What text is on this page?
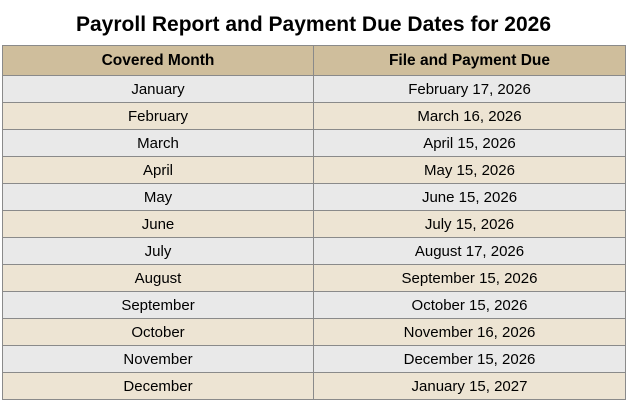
Payroll Report and Payment Due Dates for 2026
Covered Month	File and Payment Due
January	February 17, 2026
February	March 16, 2026
March	April 15, 2026
April	May 15, 2026
May	June 15, 2026
June	July 15, 2026
July	August 17, 2026
August	September 15, 2026
September	October 15, 2026
October	November 16, 2026
November	December 15, 2026
December	January 15, 2027
